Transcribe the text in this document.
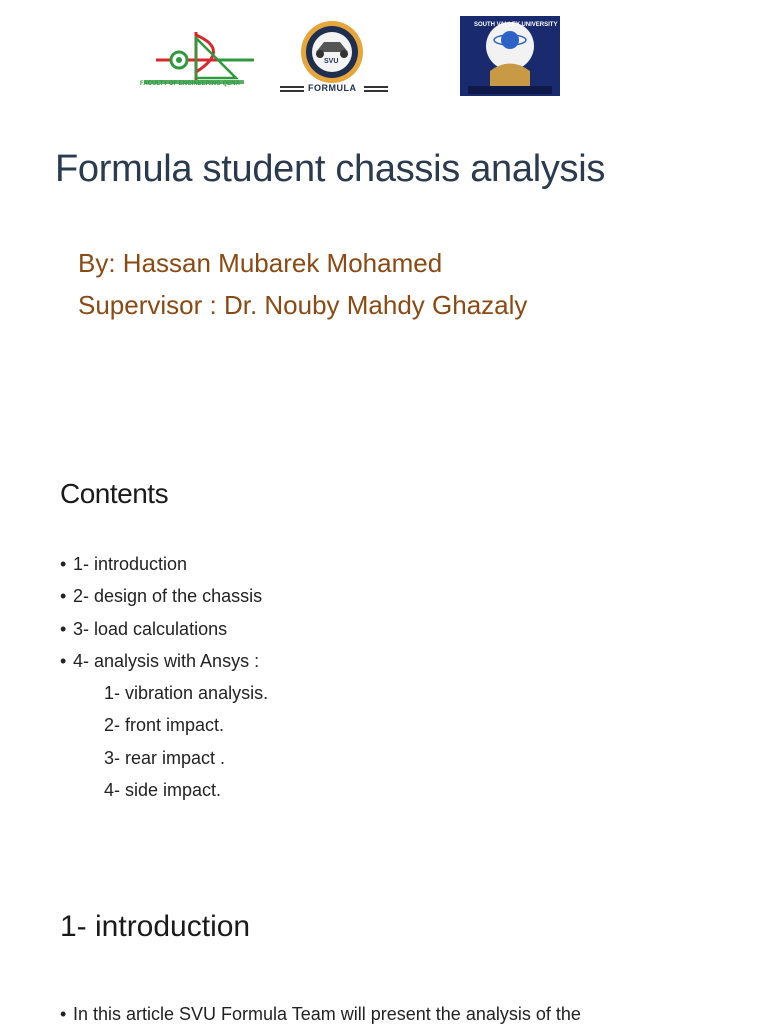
FACULTY OF ENGINEERING QENA
SVU
FORMULA
SOUTH VALLEY UNIVERSITY
Formula student chassis analysis
By: Hassan Mubarek Mohamed
Supervisor : Dr. Nouby Mahdy Ghazaly
Contents
• 1- introduction
• 2- design of the chassis
• 3- load calculations
• 4- analysis with Ansys :
1- vibration analysis.
2- front impact.
3- rear impact .
4- side impact.
1- introduction
• In this article SVU Formula Team will present the analysis of the
